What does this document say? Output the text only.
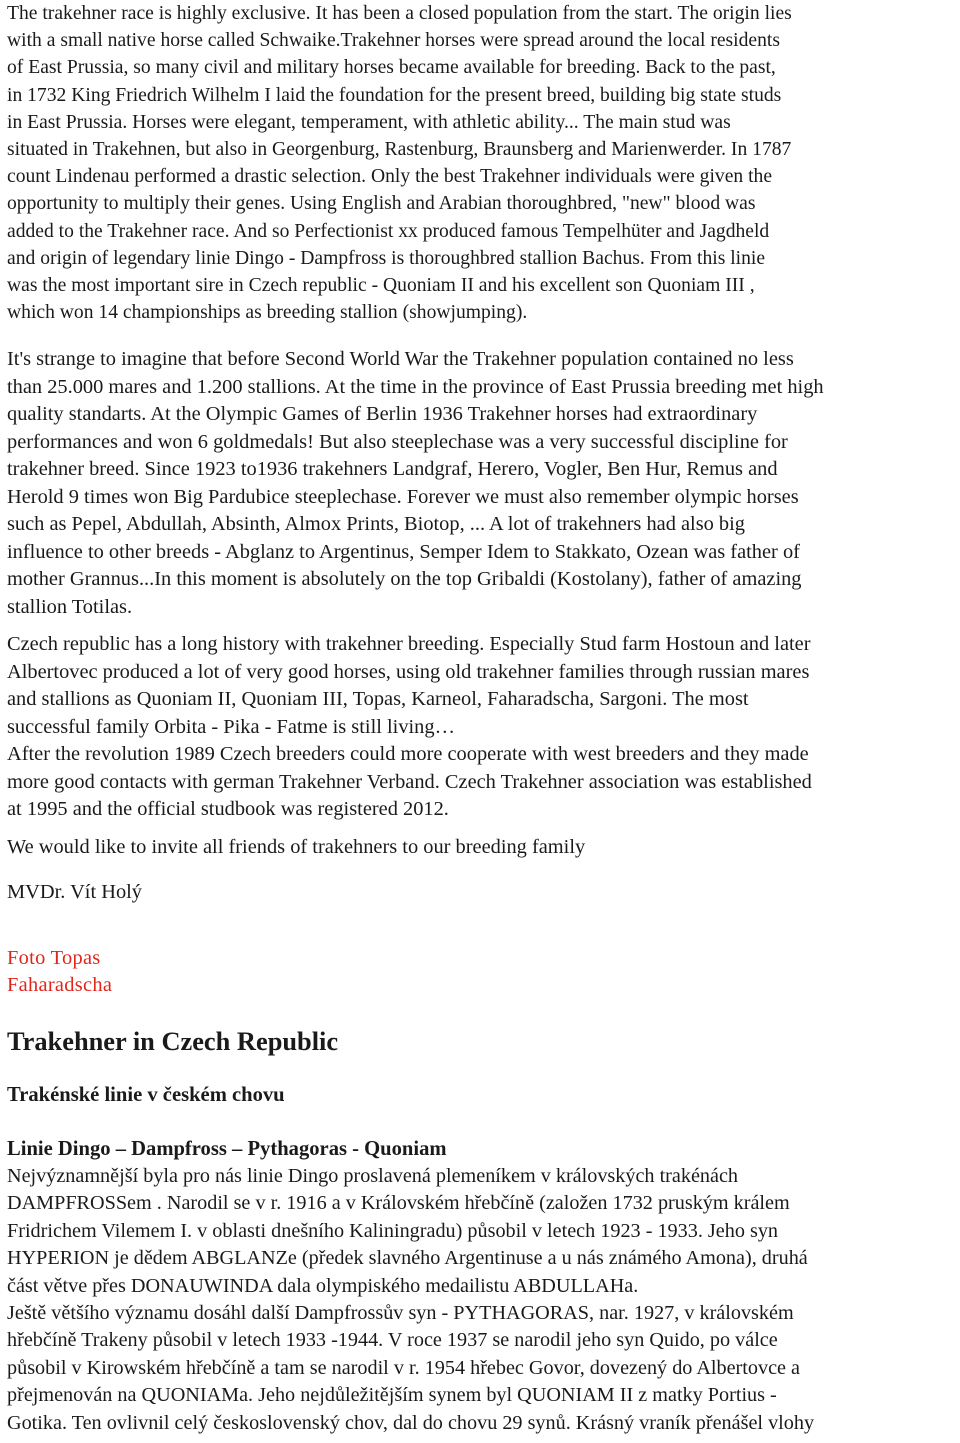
The trakehner race is highly exclusive. It has been a closed population from the start. The origin lies
with a small native horse called Schwaike.Trakehner horses were spread around the local residents
of East Prussia, so many civil and military horses became available for breeding. Back to the past,
in 1732 King Friedrich Wilhelm I laid the foundation for the present breed, building big state studs
in East Prussia. Horses were elegant, temperament, with athletic ability... The main stud was
situated in Trakehnen, but also in Georgenburg, Rastenburg, Braunsberg and Marienwerder. In 1787
count Lindenau performed a drastic selection. Only the best Trakehner individuals were given the
opportunity to multiply their genes. Using English and Arabian thoroughbred, "new" blood was
added to the Trakehner race. And so Perfectionist xx produced famous Tempelhüter and Jagdheld
and origin of legendary linie Dingo - Dampfross is thoroughbred stallion Bachus. From this linie
was the most important sire in Czech republic - Quoniam II and his excellent son Quoniam III ,
which won 14 championships as breeding stallion (showjumping).
It's strange to imagine that before Second World War the Trakehner population contained no less
than 25.000 mares and 1.200 stallions. At the time in the province of East Prussia breeding met high
quality standarts. At the Olympic Games of Berlin 1936 Trakehner horses had extraordinary
performances and won 6 goldmedals! But also steeplechase was a very successful discipline for
trakehner breed. Since 1923 to1936 trakehners Landgraf, Herero, Vogler, Ben Hur, Remus and
Herold 9 times won Big Pardubice steeplechase. Forever we must also remember olympic horses
such as Pepel, Abdullah, Absinth, Almox Prints, Biotop, ... A lot of trakehners had also big
influence to other breeds - Abglanz to Argentinus, Semper Idem to Stakkato, Ozean was father of
mother Grannus...In this moment is absolutely on the top Gribaldi (Kostolany), father of amazing
stallion Totilas.
Czech republic has a long history with trakehner breeding. Especially Stud farm Hostoun and later
Albertovec produced a lot of very good horses, using old trakehner families through russian mares
and stallions as Quoniam II, Quoniam III, Topas, Karneol, Faharadscha, Sargoni. The most
successful family Orbita - Pika - Fatme is still living…
After the revolution 1989 Czech breeders could more cooperate with west breeders and they made
more good contacts with german Trakehner Verband. Czech Trakehner association was established
at 1995 and the official studbook was registered 2012.
We would like to invite all friends of trakehners to our breeding family
MVDr. Vít Holý
Foto Topas
Faharadscha
Trakehner in Czech Republic
Trakénské linie v českém chovu
Linie Dingo – Dampfross – Pythagoras - Quoniam
Nejvýznamnější byla pro nás linie Dingo proslavená plemeníkem v královských trakénách
DAMPFROSSem . Narodil se v r. 1916 a v Královském hřebčíně (založen 1732 pruským králem
Fridrichem Vilemem I. v oblasti dnešního Kaliningradu) působil v letech 1923 - 1933. Jeho syn
HYPERION je dědem ABGLANZe (předek slavného Argentinuse a u nás známého Amona), druhá
část větve přes DONAUWINDA dala olympiského medailistu ABDULLAHa.
Ještě většího významu dosáhl další Dampfrossův syn - PYTHAGORAS, nar. 1927, v královském
hřebčíně Trakeny působil v letech 1933 -1944. V roce 1937 se narodil jeho syn Quido, po válce
působil v Kirowském hřebčíně a tam se narodil v r. 1954 hřebec Govor, dovezený do Albertovce a
přejmenován na QUONIAMa. Jeho nejdůležitějším synem byl QUONIAM II z matky Portius -
Gotika. Ten ovlivnil celý československý chov, dal do chovu 29 synů. Krásný vraník přenášel vlohy
